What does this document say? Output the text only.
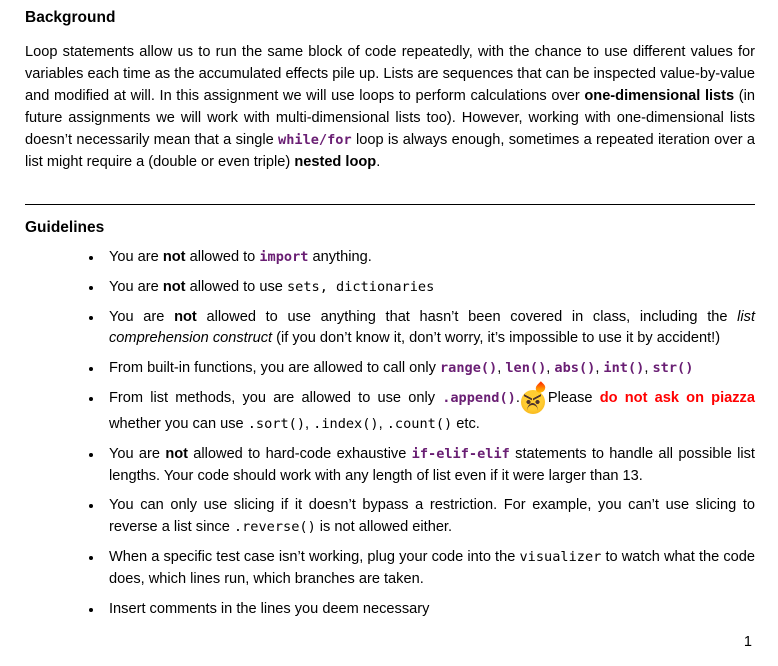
Background

Loop statements allow us to run the same block of code repeatedly, with the chance to use different values for variables each time as the accumulated effects pile up. Lists are sequences that can be inspected value-by-value and modified at will. In this assignment we will use loops to perform calculations over one-dimensional lists (in future assignments we will work with multi-dimensional lists too). However, working with one-dimensional lists doesn’t necessarily mean that a single while/for loop is always enough, sometimes a repeated iteration over a list might require a (double or even triple) nested loop.

Guidelines
• You are not allowed to import anything.
• You are not allowed to use sets, dictionaries
• You are not allowed to use anything that hasn’t been covered in class, including the list comprehension construct (if you don’t know it, don’t worry, it’s impossible to use it by accident!)
• From built-in functions, you are allowed to call only range(), len(), abs(), int(), str()
• From list methods, you are allowed to use only .append(). Please do not ask on piazza whether you can use .sort(), .index(), .count() etc.
• You are not allowed to hard-code exhaustive if-elif-elif statements to handle all possible list lengths. Your code should work with any length of list even if it were larger than 13.
• You can only use slicing if it doesn’t bypass a restriction. For example, you can’t use slicing to reverse a list since .reverse() is not allowed either.
• When a specific test case isn’t working, plug your code into the visualizer to watch what the code does, which lines run, which branches are taken.
• Insert comments in the lines you deem necessary
1
